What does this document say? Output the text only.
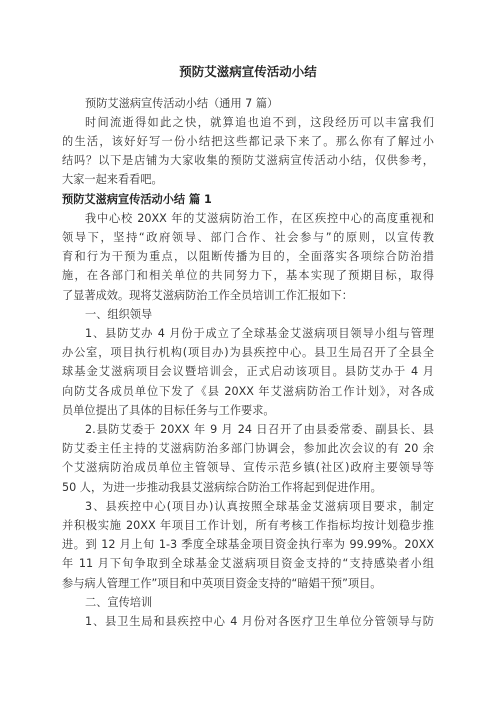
预防艾滋病宣传活动小结
预防艾滋病宣传活动小结（通用 7 篇）
时间流逝得如此之快，就算追也追不到，这段经历可以丰富我们
的生活，该好好写一份小结把这些都记录下来了。那么你有了解过小
结吗？以下是店铺为大家收集的预防艾滋病宣传活动小结，仅供参考，
大家一起来看看吧。
预防艾滋病宣传活动小结 篇 1
我中心校 20XX 年的艾滋病防治工作，在区疾控中心的高度重视和
领导下，坚持“政府领导、部门合作、社会参与”的原则，以宣传教
育和行为干预为重点，以阻断传播为目的，全面落实各项综合防治措
施，在各部门和相关单位的共同努力下，基本实现了预期目标，取得
了显著成效。现将艾滋病防治工作全员培训工作汇报如下：
一、组织领导
1、县防艾办 4 月份于成立了全球基金艾滋病项目领导小组与管理
办公室，项目执行机构(项目办)为县疾控中心。县卫生局召开了全县全
球基金艾滋病项目会议暨培训会，正式启动该项目。县防艾办于 4 月
向防艾各成员单位下发了《县 20XX 年艾滋病防治工作计划》，对各成
员单位提出了具体的目标任务与工作要求。
2.县防艾委于 20XX 年 9 月 24 日召开了由县委常委、副县长、县
防艾委主任主持的艾滋病防治多部门协调会，参加此次会议的有 20 余
个艾滋病防治成员单位主管领导、宣传示范乡镇(社区)政府主要领导等
50 人，为进一步推动我县艾滋病综合防治工作将起到促进作用。
3、县疾控中心(项目办)认真按照全球基金艾滋病项目要求，制定
并积极实施 20XX 年项目工作计划，所有考核工作指标均按计划稳步推
进。到 12 月上旬 1-3 季度全球基金项目资金执行率为 99.99%。20XX
年 11 月下旬争取到全球基金艾滋病项目资金支持的“支持感染者小组
参与病人管理工作”项目和中英项目资金支持的“暗娼干预”项目。
二、宣传培训
1、县卫生局和县疾控中心 4 月份对各医疗卫生单位分管领导与防
